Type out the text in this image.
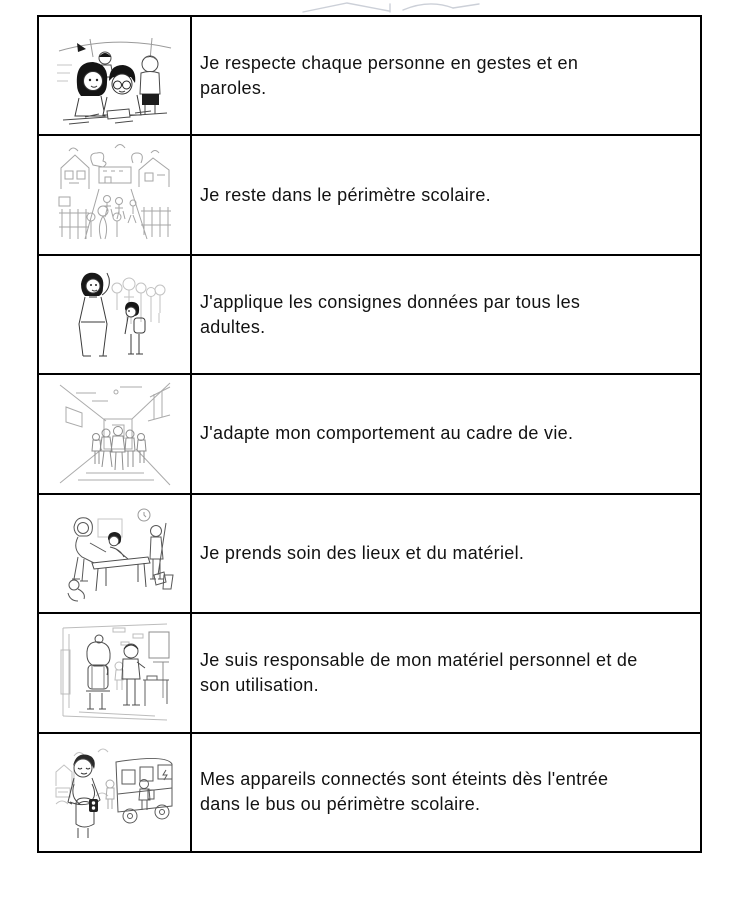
Je respecte chaque personne en gestes et en
paroles.
Je reste dans le périmètre scolaire.
J'applique les consignes données par tous les
adultes.
J'adapte mon comportement au cadre de vie.
Je prends soin des lieux et du matériel.
Je suis responsable de mon matériel personnel et de
son utilisation.
Mes appareils connectés sont éteints dès l'entrée
dans le bus ou périmètre scolaire.
